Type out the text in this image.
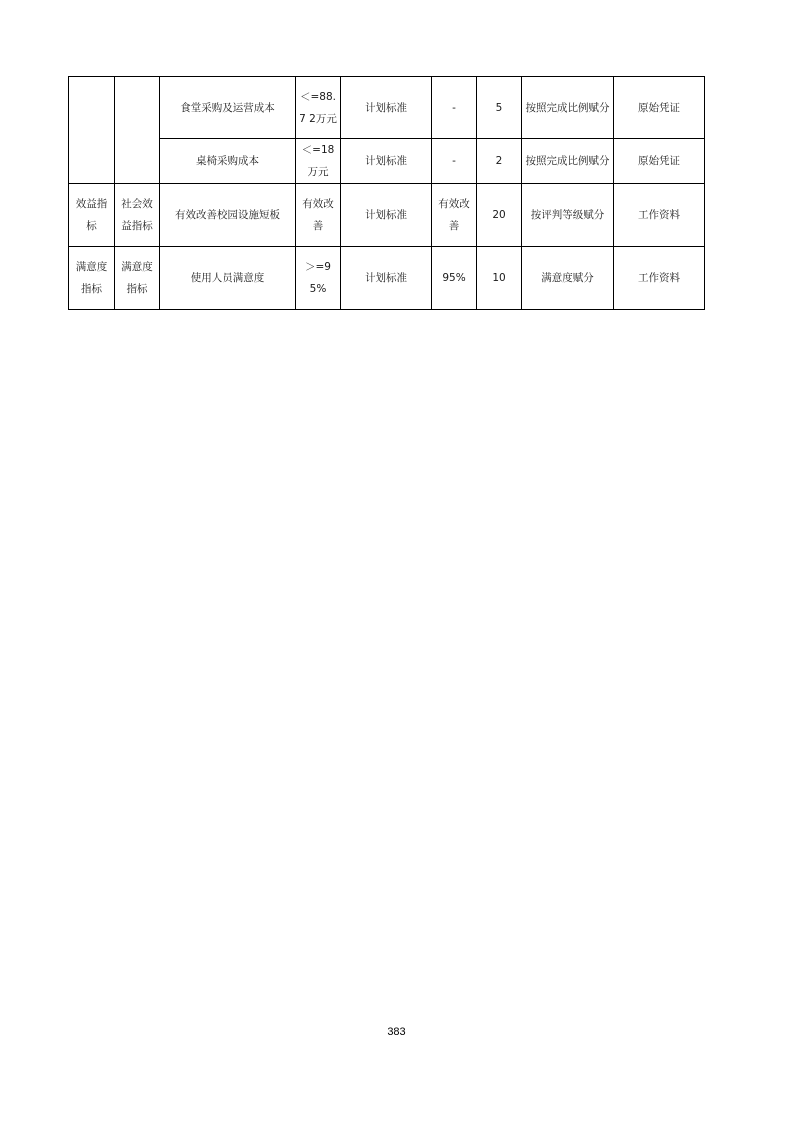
		食堂采购及运营成本	＜=88.7 2万元	计划标准	-	5	按照完成比例赋分	原始凭证

		桌椅采购成本	＜=18 万元	计划标准	-	2	按照完成比例赋分	原始凭证

效益指标	社会效益指标	有效改善校园设施短板	有效改善	计划标准	有效改善	20	按评判等级赋分	工作资料

满意度指标	满意度指标	使用人员满意度	＞=95%	计划标准	95%	10	满意度赋分	工作资料
383
